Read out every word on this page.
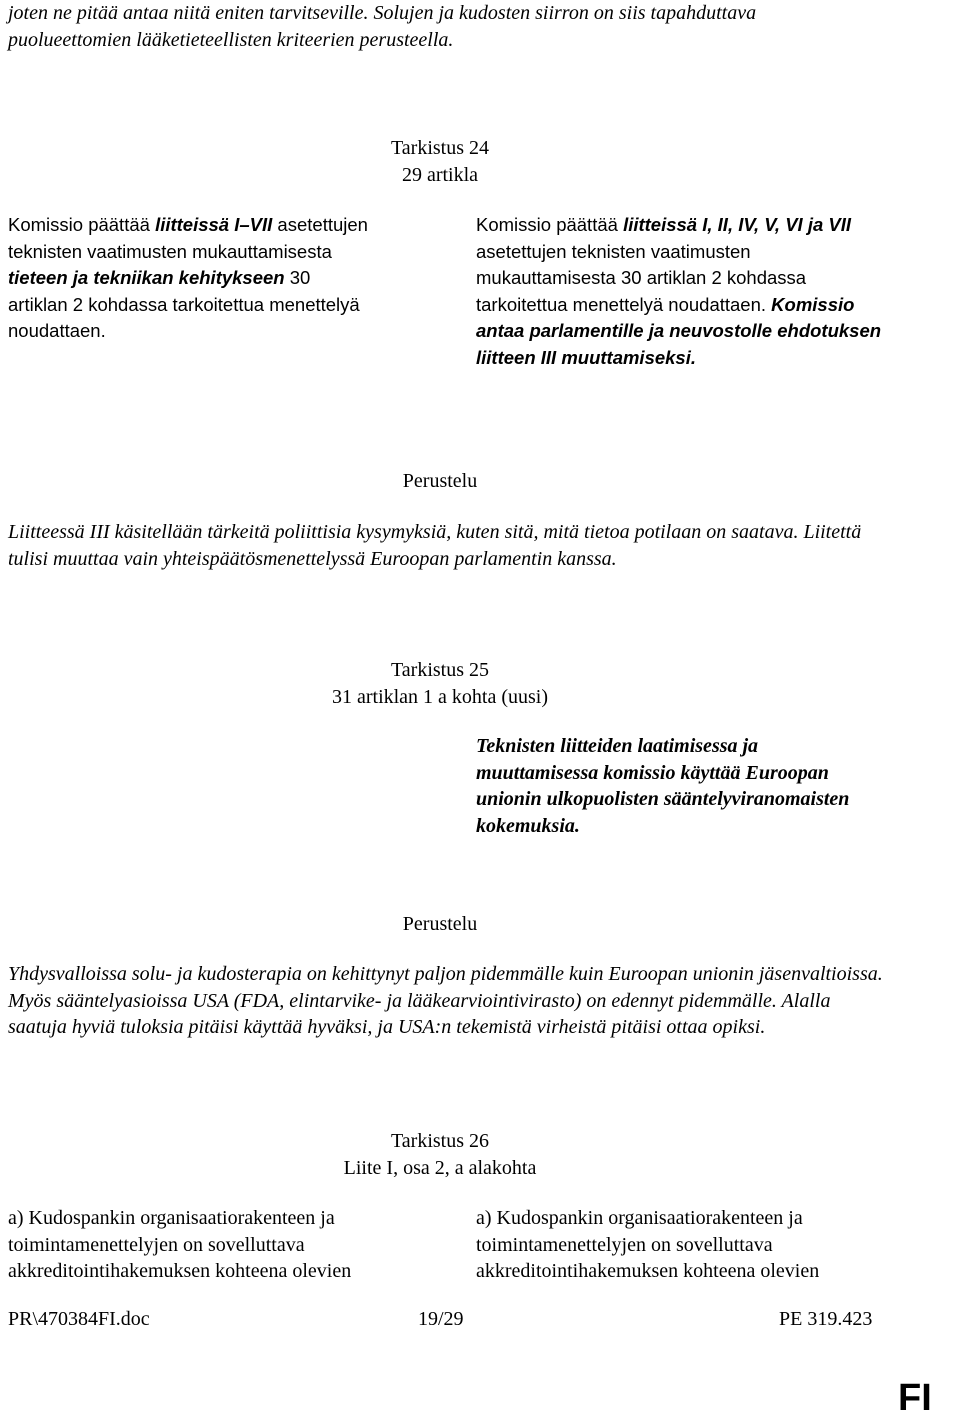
joten ne pitää antaa niitä eniten tarvitseville. Solujen ja kudosten siirron on siis tapahduttava

puolueettomien lääketieteellisten kriteerien perusteella.

Tarkistus 24

29 artikla

Komissio päättää liitteissä I–VII asetettujen teknisten vaatimusten mukauttamisesta tieteen ja tekniikan kehitykseen 30 artiklan 2 kohdassa tarkoitettua menettelyä noudattaen.
Komissio päättää liitteissä I, II, IV, V, VI ja VII asetettujen teknisten vaatimusten mukauttamisesta 30 artiklan 2 kohdassa tarkoitettua menettelyä noudattaen. Komissio antaa parlamentille ja neuvostolle ehdotuksen liitteen III muuttamiseksi.
Perustelu
Liitteessä III käsitellään tärkeitä poliittisia kysymyksiä, kuten sitä, mitä tietoa potilaan on saatava. Liitettä tulisi muuttaa vain yhteispäätösmenettelyssä Euroopan parlamentin kanssa.

Tarkistus 25

31 artiklan 1 a kohta (uusi)

Teknisten liitteiden laatimisessa ja muuttamisessa komissio käyttää Euroopan unionin ulkopuolisten sääntelyviranomaisten kokemuksia.
Perustelu
Yhdysvalloissa solu- ja kudosterapia on kehittynyt paljon pidemmälle kuin Euroopan unionin jäsenvaltioissa. Myös sääntelyasioissa USA (FDA, elintarvike- ja lääkearviointivirasto) on edennyt pidemmälle. Alalla saatuja hyviä tuloksia pitäisi käyttää hyväksi, ja USA:n tekemistä virheistä pitäisi ottaa opiksi.

Tarkistus 26

Liite I, osa 2, a alakohta

a) Kudospankin organisaatiorakenteen ja toimintamenettelyjen on sovelluttava akkreditointihakemuksen kohteena olevien
a) Kudospankin organisaatiorakenteen ja toimintamenettelyjen on sovelluttava akkreditointihakemuksen kohteena olevien
PR\470384FI.doc	19/29	PE 319.423
FI
